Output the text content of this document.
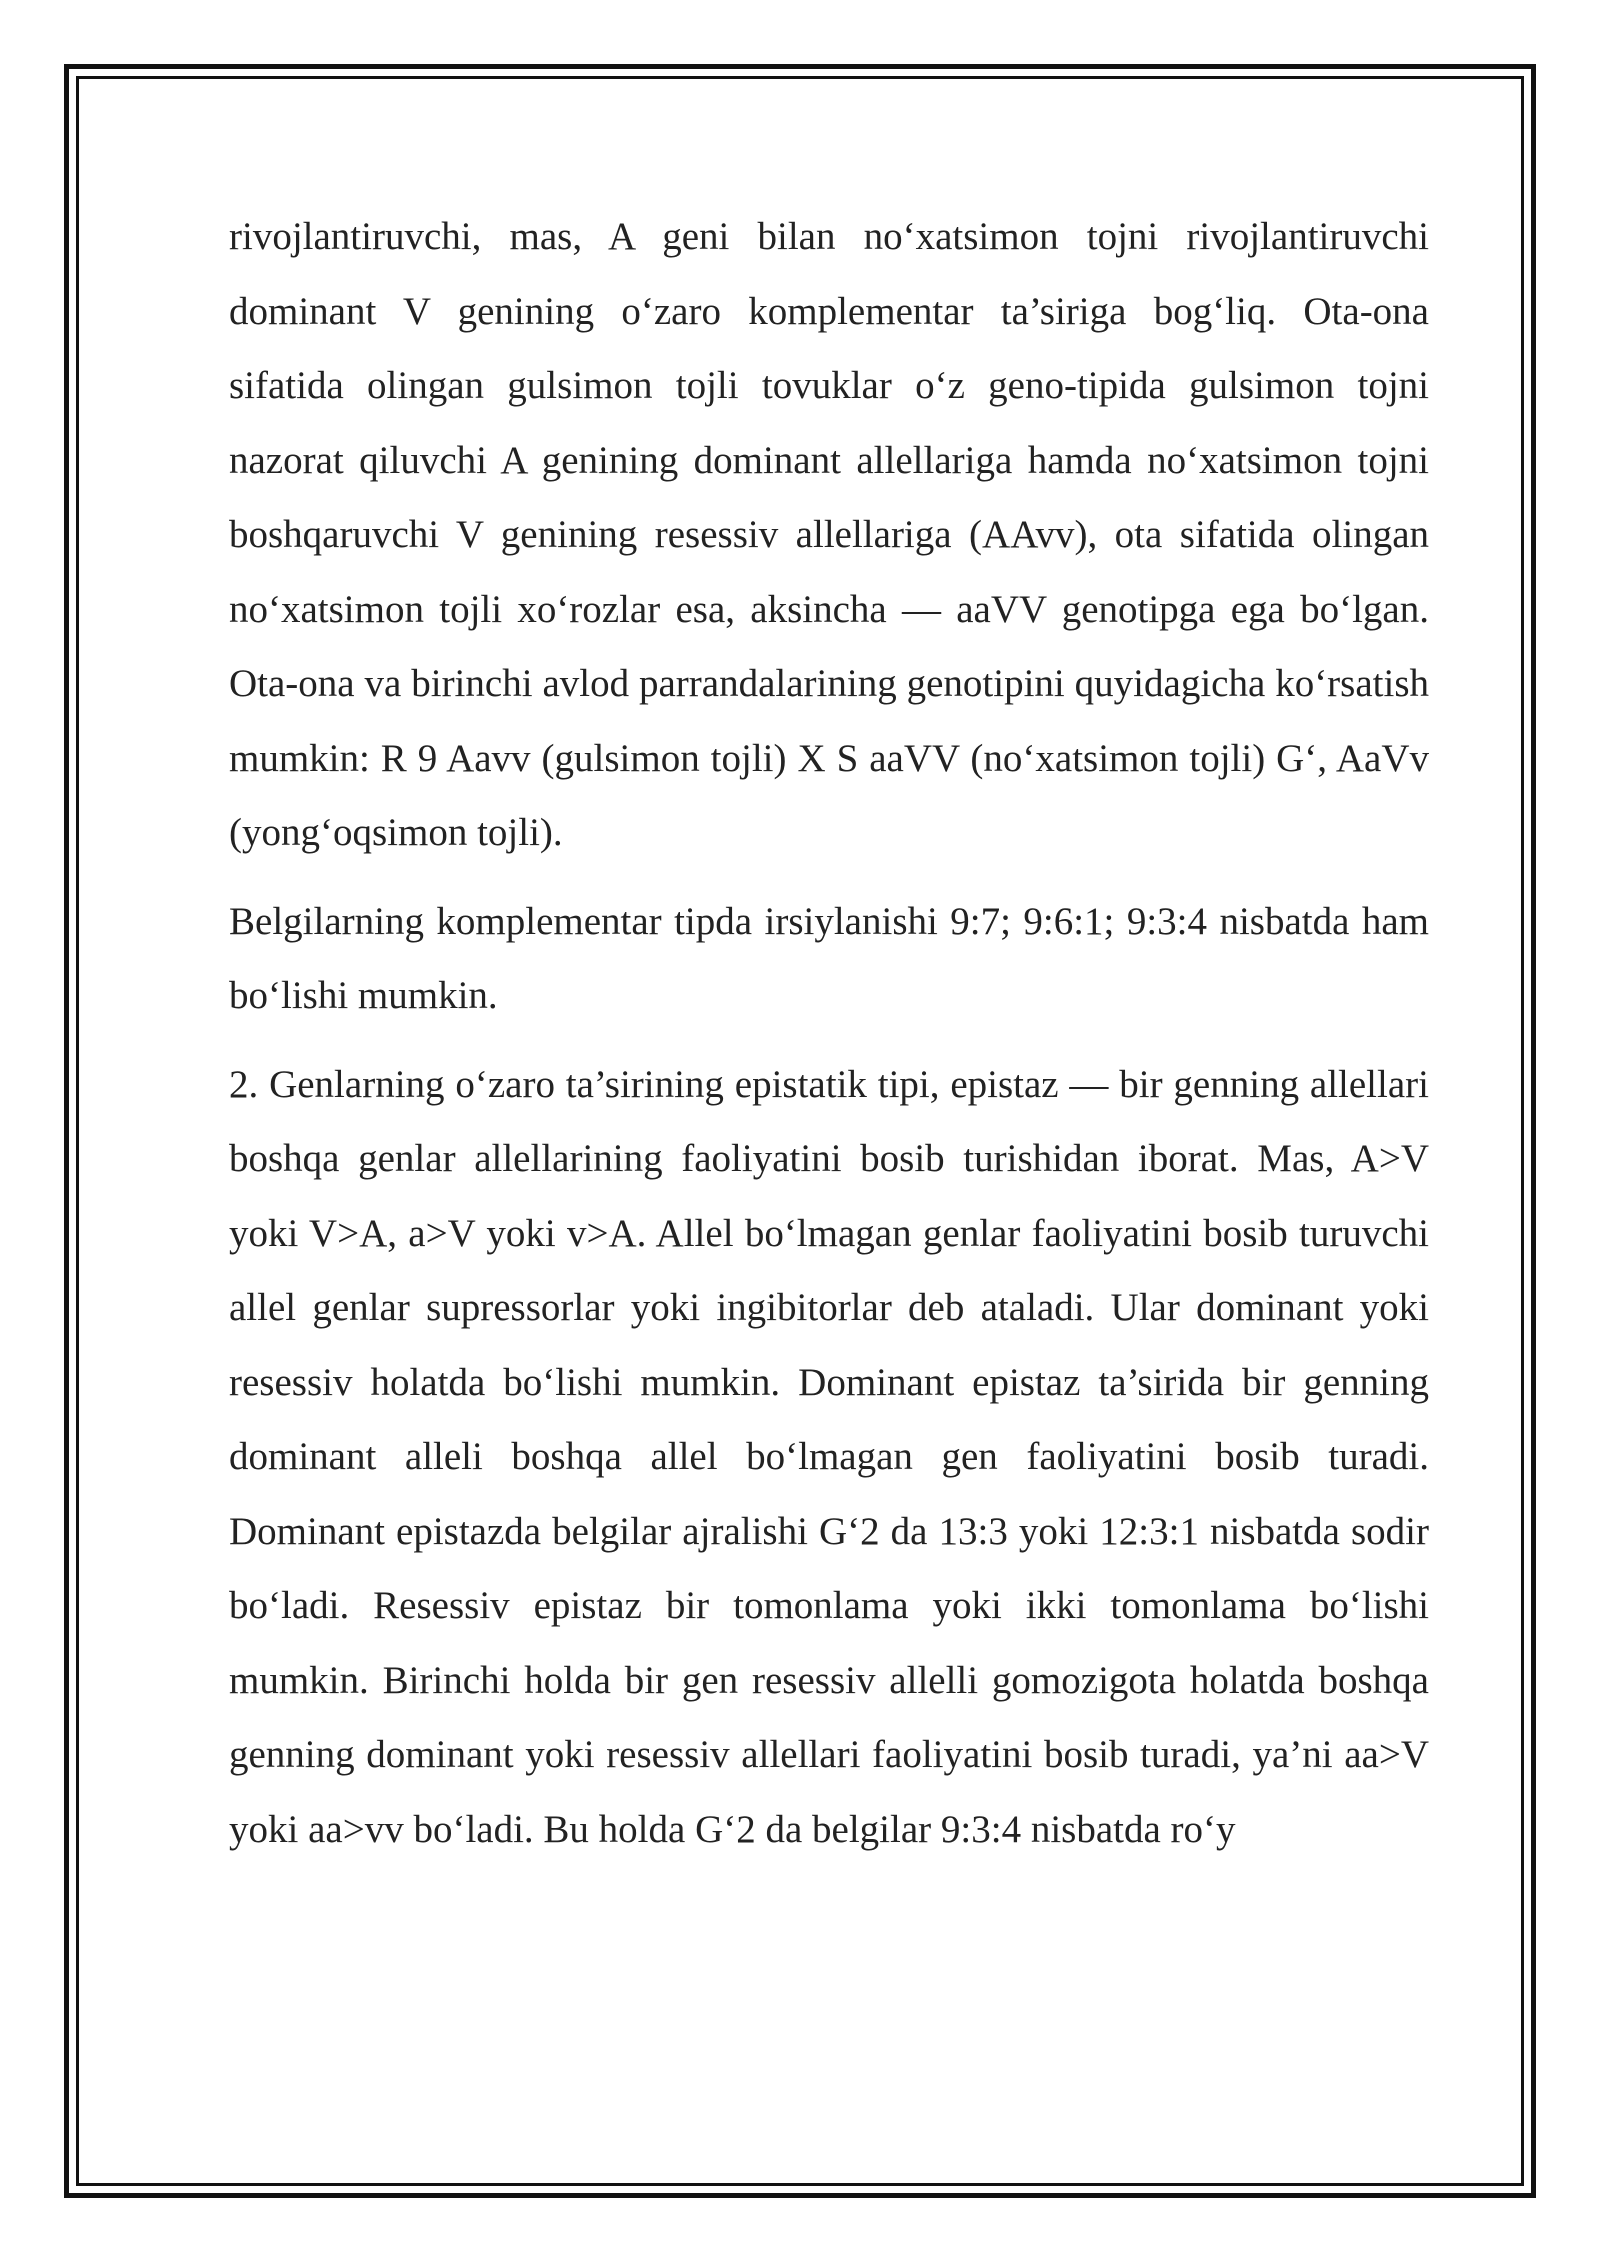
rivojlantiruvchi, mas, A geni bilan no‘xatsimon tojni rivojlantiruvchi dominant V genining o‘zaro komplementar ta’siriga bog‘liq. Ota-ona sifatida olingan gulsimon tojli tovuklar o‘z geno-tipida gulsimon tojni nazorat qiluvchi A genining dominant allellariga hamda no‘xatsimon tojni boshqaruvchi V genining resessiv allellariga (AAvv), ota sifatida olingan no‘xatsimon tojli xo‘rozlar esa, aksincha — aaVV genotipga ega bo‘lgan. Ota-ona va birinchi avlod parrandalarining genotipini quyidagicha ko‘rsatish mumkin: R 9 Aavv (gulsimon tojli) X S aaVV (no‘xatsimon tojli) G‘, AaVv (yong‘oqsimon tojli).

Belgilarning komplementar tipda irsiylanishi 9:7; 9:6:1; 9:3:4 nisbatda ham bo‘lishi mumkin.

2. Genlarning o‘zaro ta’sirining epistatik tipi, epistaz — bir genning allellari boshqa genlar allellarining faoliyatini bosib turishidan iborat. Mas, A>V yoki V>A, a>V yoki v>A. Allel bo‘lmagan genlar faoliyatini bosib turuvchi allel genlar supressorlar yoki ingibitorlar deb ataladi. Ular dominant yoki resessiv holatda bo‘lishi mumkin. Dominant epistaz ta’sirida bir genning dominant alleli boshqa allel bo‘lmagan gen faoliyatini bosib turadi. Dominant epistazda belgilar ajralishi G‘2 da 13:3 yoki 12:3:1 nisbatda sodir bo‘ladi. Resessiv epistaz bir tomonlama yoki ikki tomonlama bo‘lishi mumkin. Birinchi holda bir gen resessiv allelli gomozigota holatda boshqa genning dominant yoki resessiv allellari faoliyatini bosib turadi, ya’ni aa>V yoki aa>vv bo‘ladi. Bu holda G‘2 da belgilar 9:3:4 nisbatda ro‘y
